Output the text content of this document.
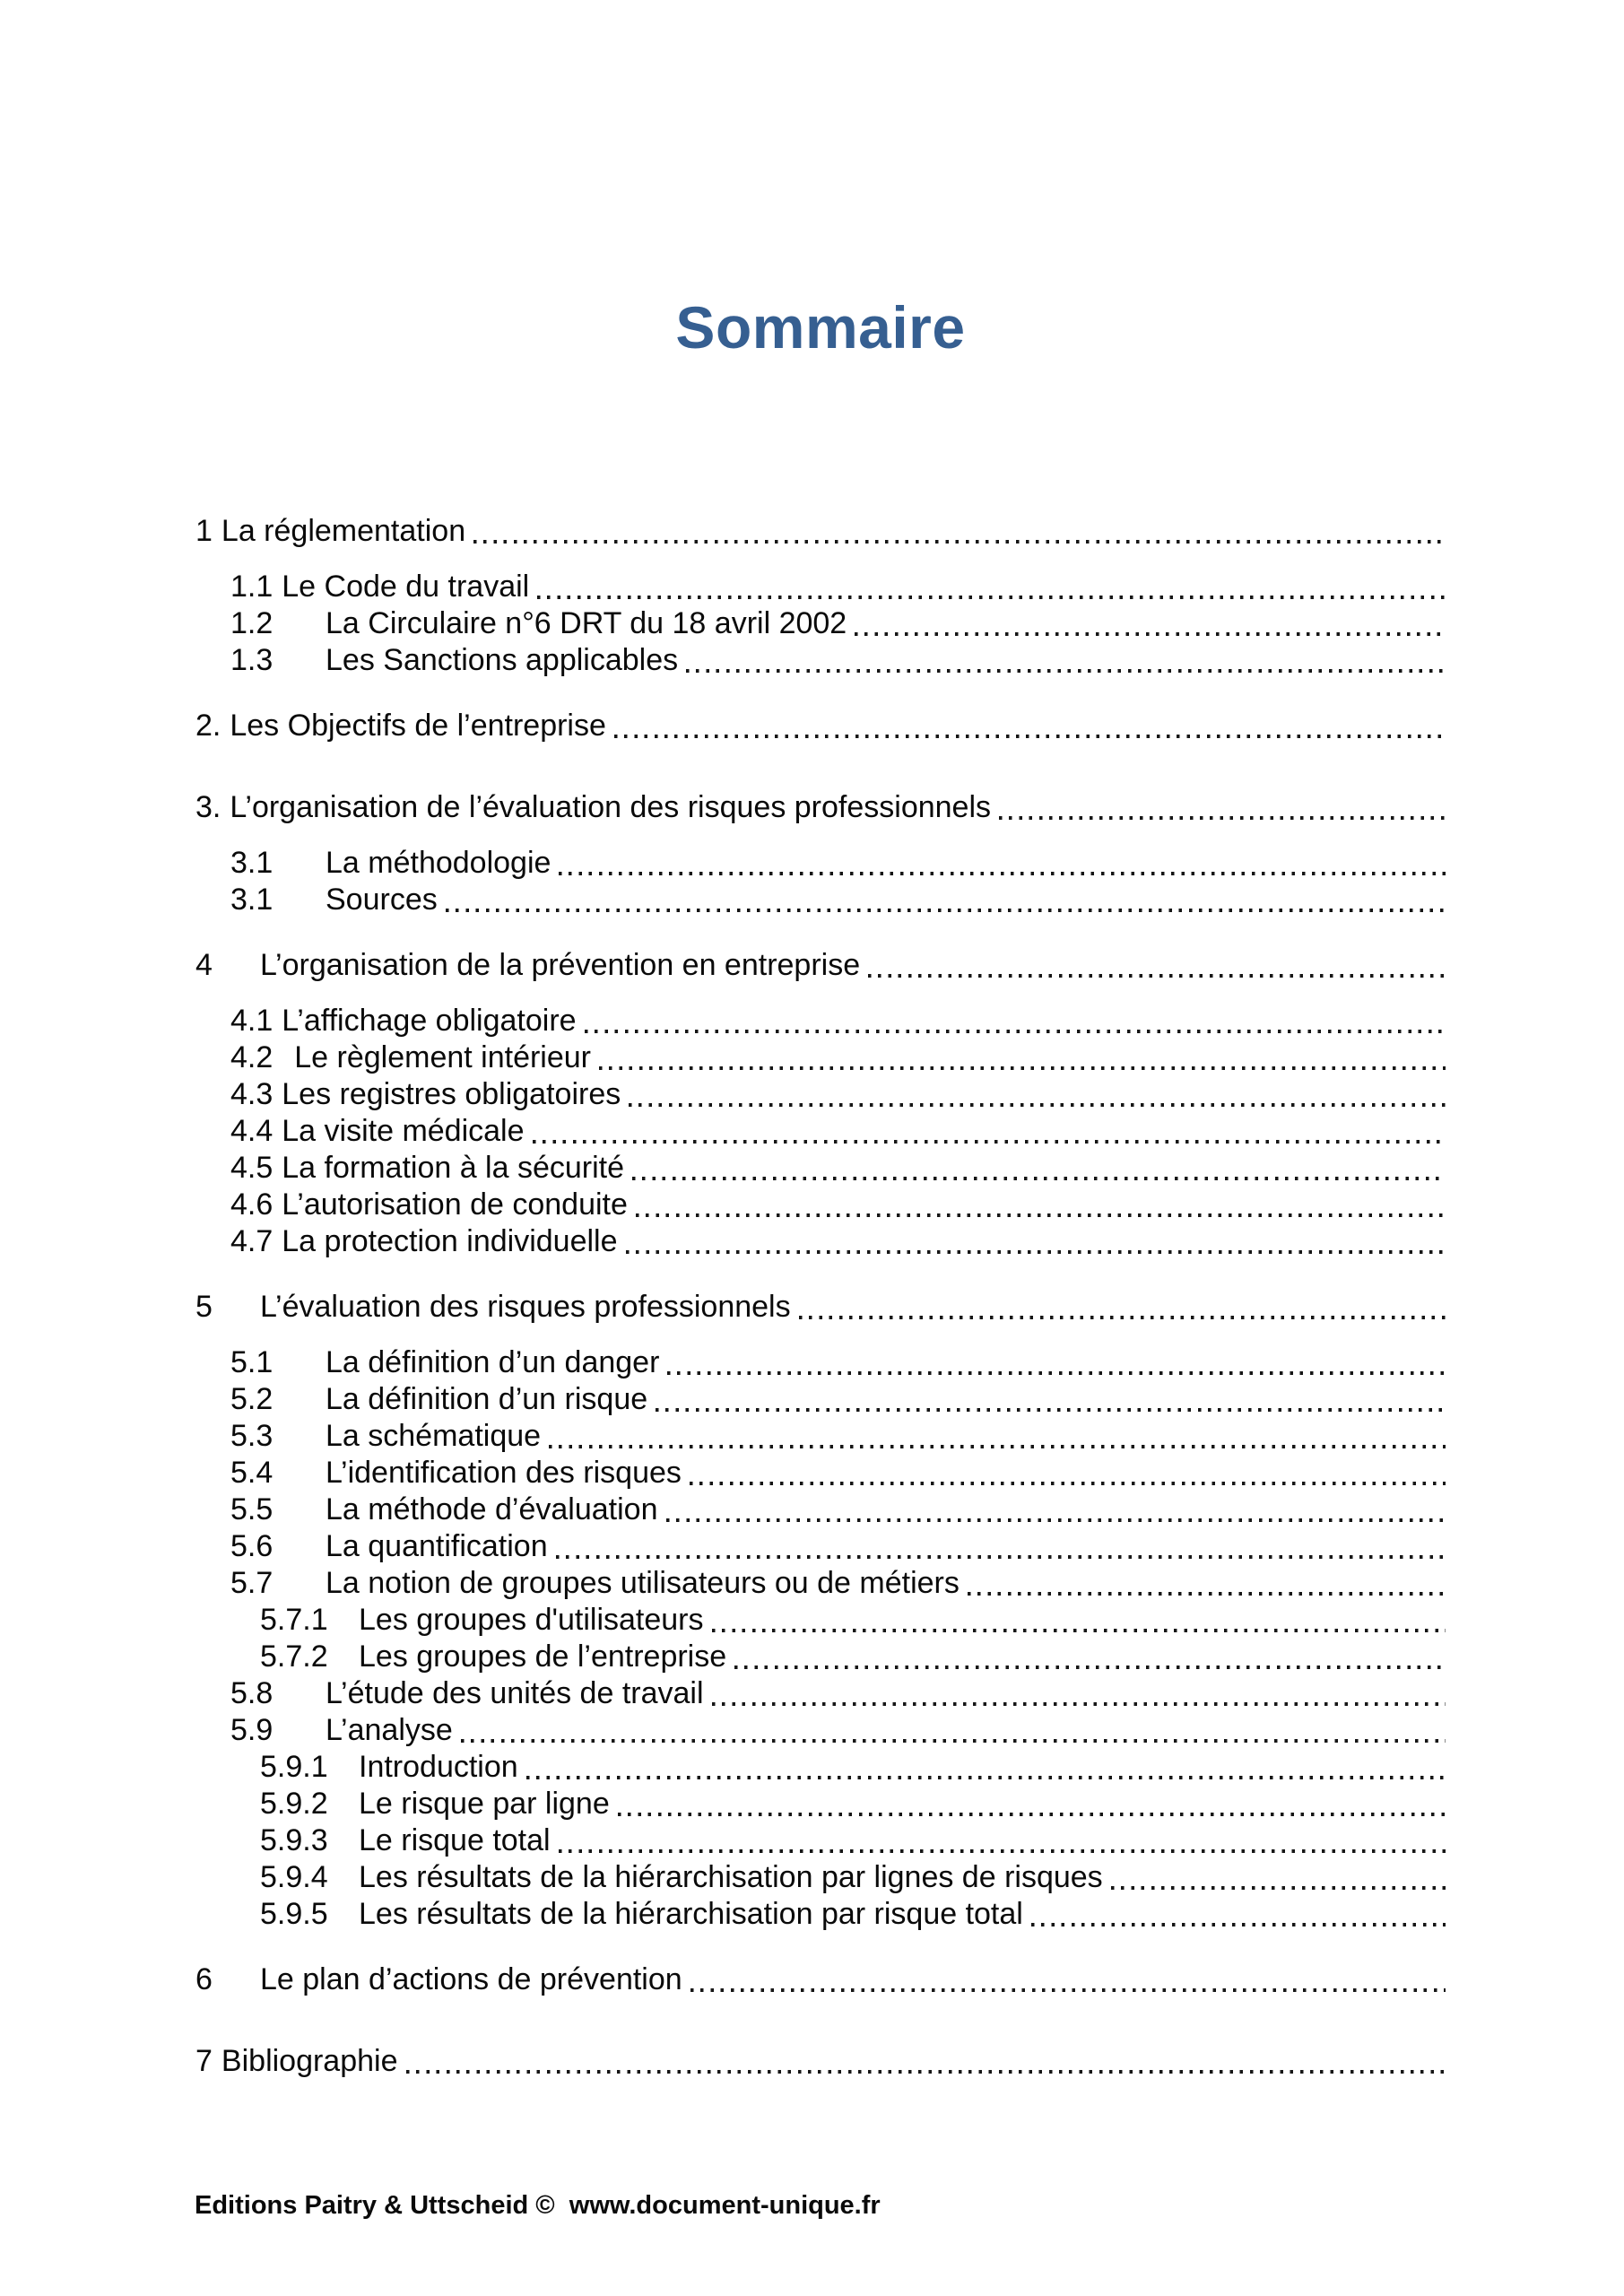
Sommaire
1 La réglementation
1.1 Le Code du travail
1.2	La Circulaire n°6 DRT du 18 avril 2002
1.3	Les Sanctions applicables
2. Les Objectifs de l’entreprise
3. L’organisation de l’évaluation des risques professionnels
3.1	La méthodologie
3.1	Sources
4	L’organisation de la prévention en entreprise
4.1 L’affichage obligatoire
4.2 Le règlement intérieur
4.3 Les registres obligatoires
4.4 La visite médicale
4.5 La formation à la sécurité
4.6 L’autorisation de conduite
4.7 La protection individuelle
5	L’évaluation des risques professionnels
5.1	La définition d’un danger
5.2	La définition d’un risque
5.3	La schématique
5.4	L’identification des risques
5.5	La méthode d’évaluation
5.6	La quantification
5.7	La notion de groupes utilisateurs ou de métiers
5.7.1	Les groupes d'utilisateurs
5.7.2	Les groupes de l’entreprise
5.8	L’étude des unités de travail
5.9	L’analyse
5.9.1	Introduction
5.9.2	Le risque par ligne
5.9.3	Le risque total
5.9.4	Les résultats de la hiérarchisation par lignes de risques
5.9.5	Les résultats de la hiérarchisation par risque total
6	Le plan d’actions de prévention
7 Bibliographie
Editions Paitry & Uttscheid ©  www.document-unique.fr
